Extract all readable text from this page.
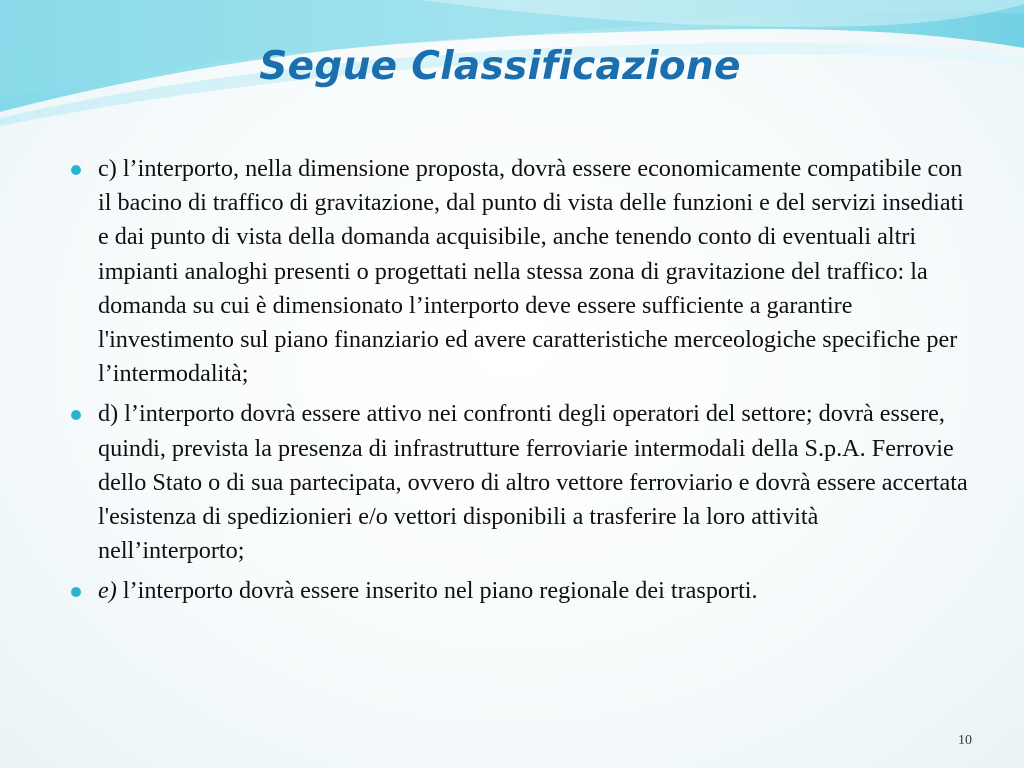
Segue Classificazione
c) l’interporto, nella dimensione proposta, dovrà essere economicamente compatibile con il bacino di traffico di gravitazione, dal punto di vista delle funzioni e del servizi insediati e dai punto di vista della domanda acquisibile, anche tenendo conto di eventuali altri impianti analoghi presenti o progettati nella stessa zona di gravitazione del traffico: la domanda su cui è dimensionato l’interporto deve essere sufficiente a garantire l'investimento sul piano finanziario ed avere caratteristiche merceologiche specifiche per l’intermodalità;
d) l’interporto dovrà essere attivo nei confronti degli operatori del settore; dovrà essere, quindi, prevista la presenza di infrastrutture ferroviarie intermodali della S.p.A. Ferrovie dello Stato o di sua partecipata, ovvero di altro vettore ferroviario e dovrà essere accertata l'esistenza di spedizionieri e/o vettori disponibili a trasferire la loro attività nell’interporto;
e) l’interporto dovrà essere inserito nel piano regionale dei trasporti.
10
